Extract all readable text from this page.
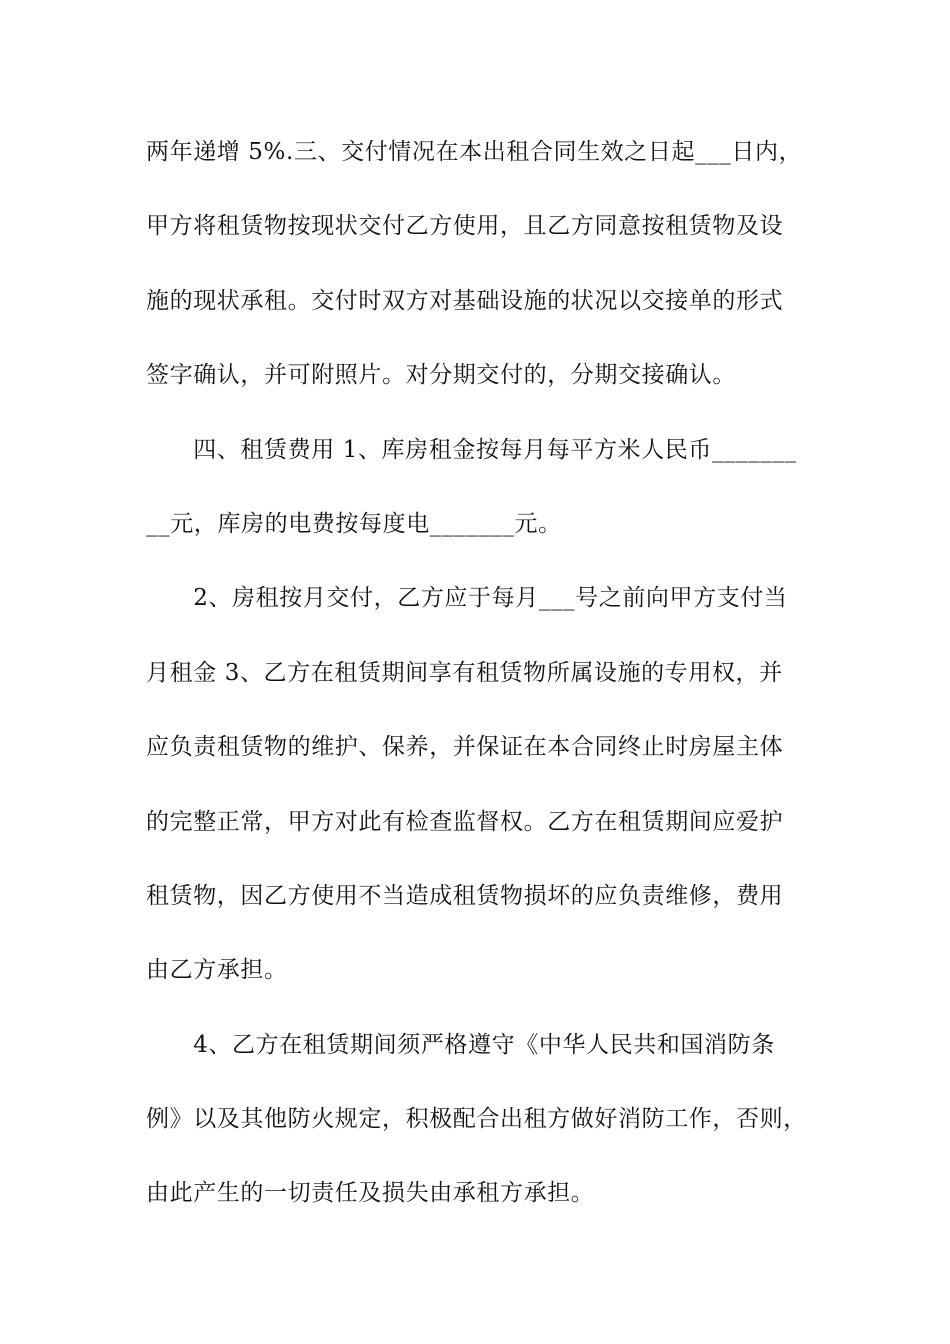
两年递增 5%.三、交付情况在本出租合同生效之日起___日内，
甲方将租赁物按现状交付乙方使用，且乙方同意按租赁物及设
施的现状承租。交付时双方对基础设施的状况以交接单的形式
签字确认，并可附照片。对分期交付的，分期交接确认。
　　四、租赁费用 1、库房租金按每月每平方米人民币_______
__元，库房的电费按每度电_______元。
　　2、房租按月交付，乙方应于每月___号之前向甲方支付当
月租金 3、乙方在租赁期间享有租赁物所属设施的专用权，并
应负责租赁物的维护、保养，并保证在本合同终止时房屋主体
的完整正常，甲方对此有检查监督权。乙方在租赁期间应爱护
租赁物，因乙方使用不当造成租赁物损坏的应负责维修，费用
由乙方承担。
　　4、乙方在租赁期间须严格遵守《中华人民共和国消防条
例》以及其他防火规定，积极配合出租方做好消防工作，否则，
由此产生的一切责任及损失由承租方承担。
